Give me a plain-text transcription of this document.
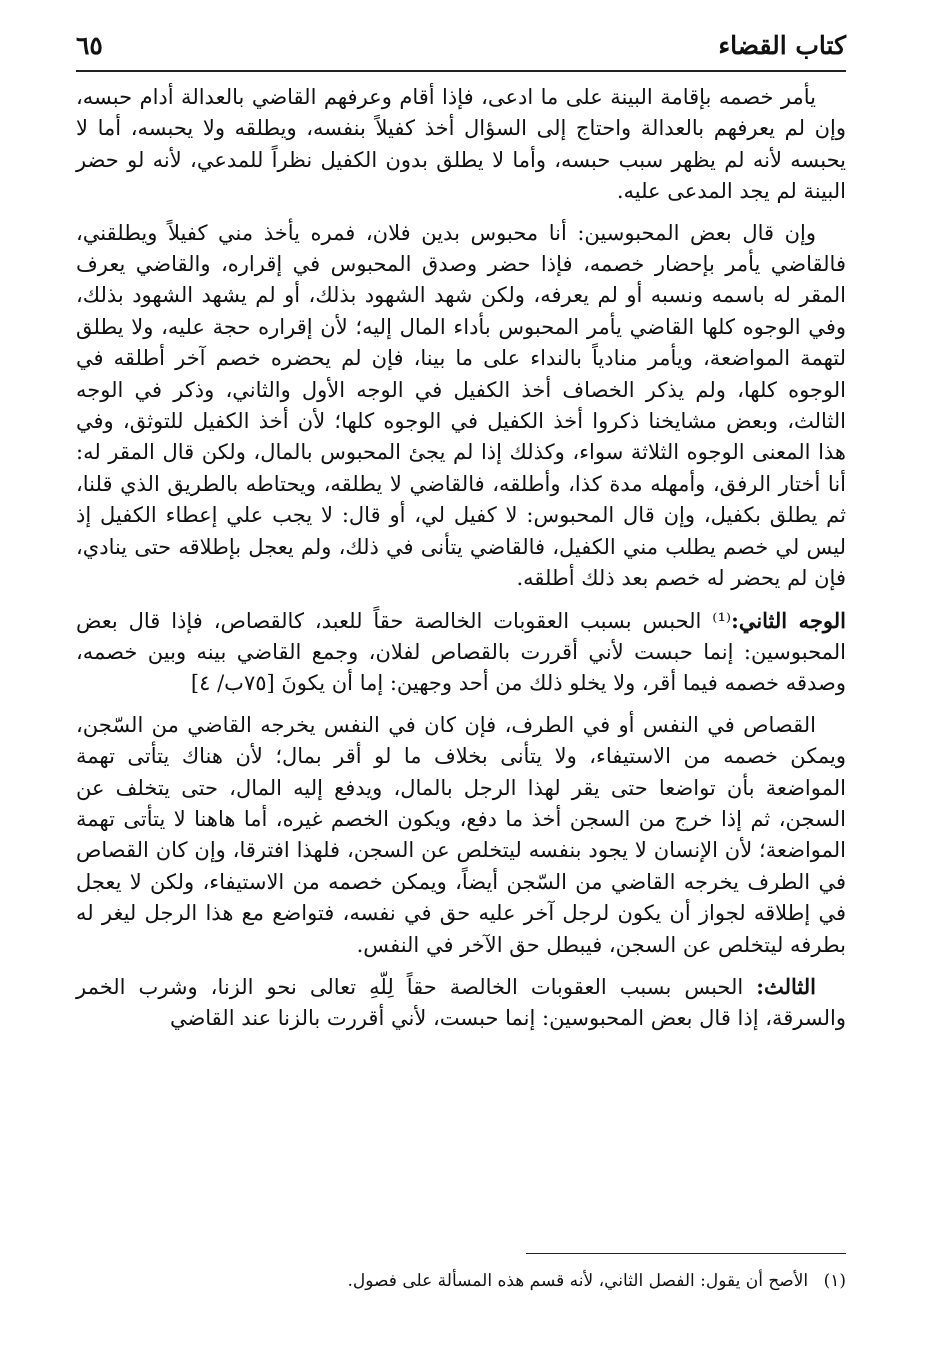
كتاب القضاء
٦٥

يأمر خصمه بإقامة البينة على ما ادعى، فإذا أقام وعرفهم القاضي بالعدالة أدام حبسه، وإن لم يعرفهم بالعدالة واحتاج إلى السؤال أخذ كفيلاً بنفسه، ويطلقه ولا يحبسه، أما لا يحبسه لأنه لم يظهر سبب حبسه، وأما لا يطلق بدون الكفيل نظراً للمدعي، لأنه لو حضر البينة لم يجد المدعى عليه.

وإن قال بعض المحبوسين: أنا محبوس بدين فلان، فمره يأخذ مني كفيلاً ويطلقني، فالقاضي يأمر بإحضار خصمه، فإذا حضر وصدق المحبوس في إقراره، والقاضي يعرف المقر له باسمه ونسبه أو لم يعرفه، ولكن شهد الشهود بذلك، أو لم يشهد الشهود بذلك، وفي الوجوه كلها القاضي يأمر المحبوس بأداء المال إليه؛ لأن إقراره حجة عليه، ولا يطلق لتهمة المواضعة، ويأمر منادياً بالنداء على ما بينا، فإن لم يحضره خصم آخر أطلقه في الوجوه كلها، ولم يذكر الخصاف أخذ الكفيل في الوجه الأول والثاني، وذكر في الوجه الثالث، وبعض مشايخنا ذكروا أخذ الكفيل في الوجوه كلها؛ لأن أخذ الكفيل للتوثق، وفي هذا المعنى الوجوه الثلاثة سواء، وكذلك إذا لم يجئ المحبوس بالمال، ولكن قال المقر له: أنا أختار الرفق، وأمهله مدة كذا، وأطلقه، فالقاضي لا يطلقه، ويحتاطه بالطريق الذي قلنا، ثم يطلق بكفيل، وإن قال المحبوس: لا كفيل لي، أو قال: لا يجب علي إعطاء الكفيل إذ ليس لي خصم يطلب مني الكفيل، فالقاضي يتأنى في ذلك، ولم يعجل بإطلاقه حتى ينادي، فإن لم يحضر له خصم بعد ذلك أطلقه.

الوجه الثاني:⁽¹⁾ الحبس بسبب العقوبات الخالصة حقاً للعبد، كالقصاص، فإذا قال بعض المحبوسين: إنما حبست لأني أقررت بالقصاص لفلان، وجمع القاضي بينه وبين خصمه، وصدقه خصمه فيما أقر، ولا يخلو ذلك من أحد وجهين: إما أن يكونَ [٧٥ب/ ٤]

القصاص في النفس أو في الطرف، فإن كان في النفس يخرجه القاضي من السّجن، ويمكن خصمه من الاستيفاء، ولا يتأنى بخلاف ما لو أقر بمال؛ لأن هناك يتأتى تهمة المواضعة بأن تواضعا حتى يقر لهذا الرجل بالمال، ويدفع إليه المال، حتى يتخلف عن السجن، ثم إذا خرج من السجن أخذ ما دفع، ويكون الخصم غيره، أما هاهنا لا يتأتى تهمة المواضعة؛ لأن الإنسان لا يجود بنفسه ليتخلص عن السجن، فلهذا افترقا، وإن كان القصاص في الطرف يخرجه القاضي من السّجن أيضاً، ويمكن خصمه من الاستيفاء، ولكن لا يعجل في إطلاقه لجواز أن يكون لرجل آخر عليه حق في نفسه، فتواضع مع هذا الرجل ليغر له بطرفه ليتخلص عن السجن، فيبطل حق الآخر في النفس.

الثالث: الحبس بسبب العقوبات الخالصة حقاً لِلّهِ تعالى نحو الزنا، وشرب الخمر والسرقة، إذا قال بعض المحبوسين: إنما حبست، لأني أقررت بالزنا عند القاضي

(١) الأصح أن يقول: الفصل الثاني، لأنه قسم هذه المسألة على فصول.
